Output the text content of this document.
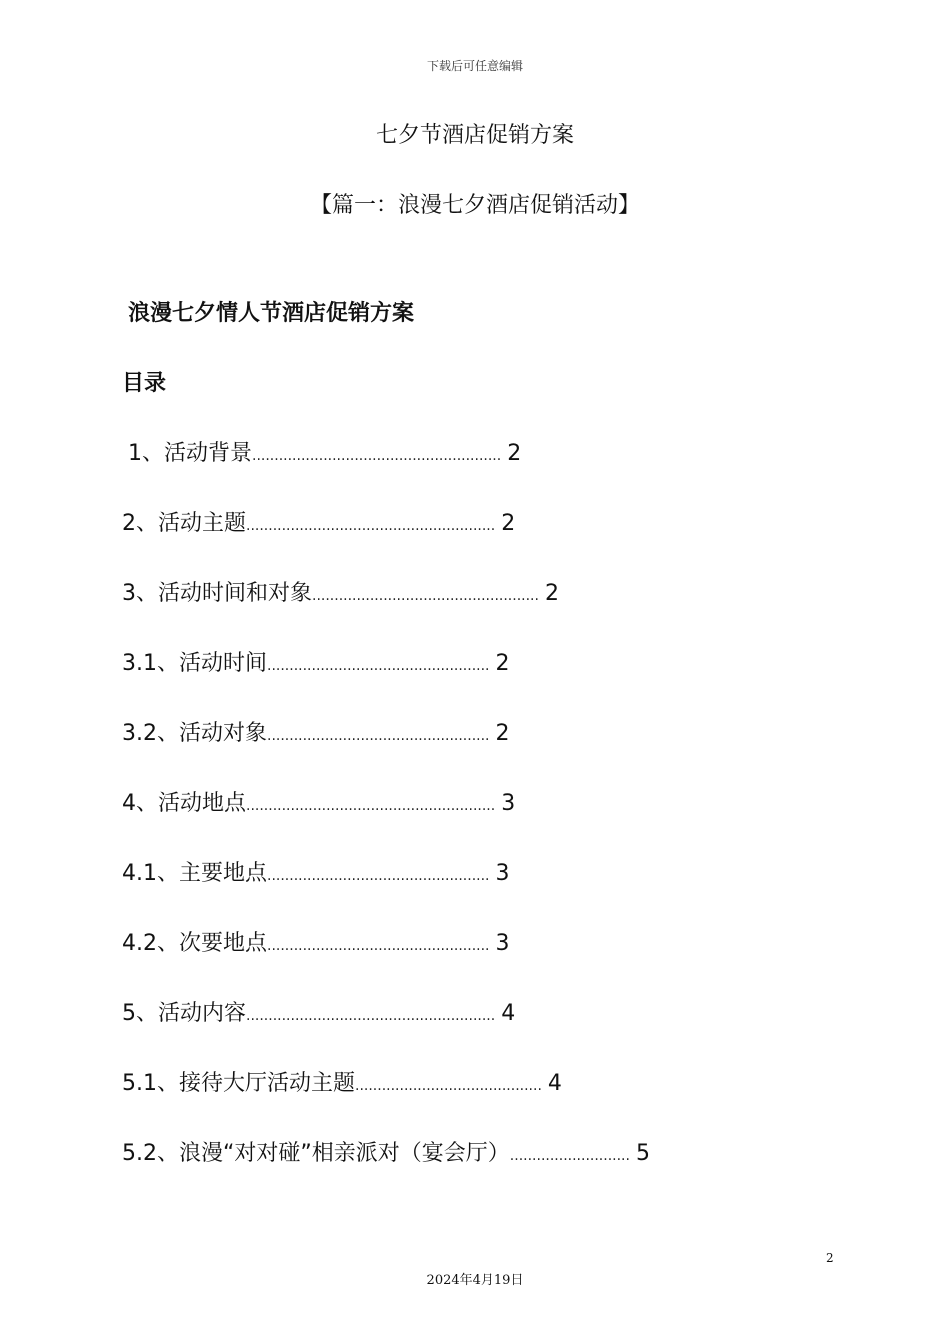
下载后可任意编辑
七夕节酒店促销方案
【篇一：浪漫七夕酒店促销活动】
浪漫七夕情人节酒店促销方案
目录
1、活动背景 ........................................................ 2
2、活动主题 ........................................................ 2
3、活动时间和对象 ................................................... 2
3.1、活动时间 .................................................. 2
3.2、活动对象 .................................................. 2
4、活动地点 ........................................................ 3
4.1、主要地点 .................................................. 3
4.2、次要地点 .................................................. 3
5、活动内容 ........................................................ 4
5.1、接待大厅活动主题 .......................................... 4
5.2、浪漫“对对碰”相亲派对（宴会厅） ........................... 5
2
2024年4月19日
